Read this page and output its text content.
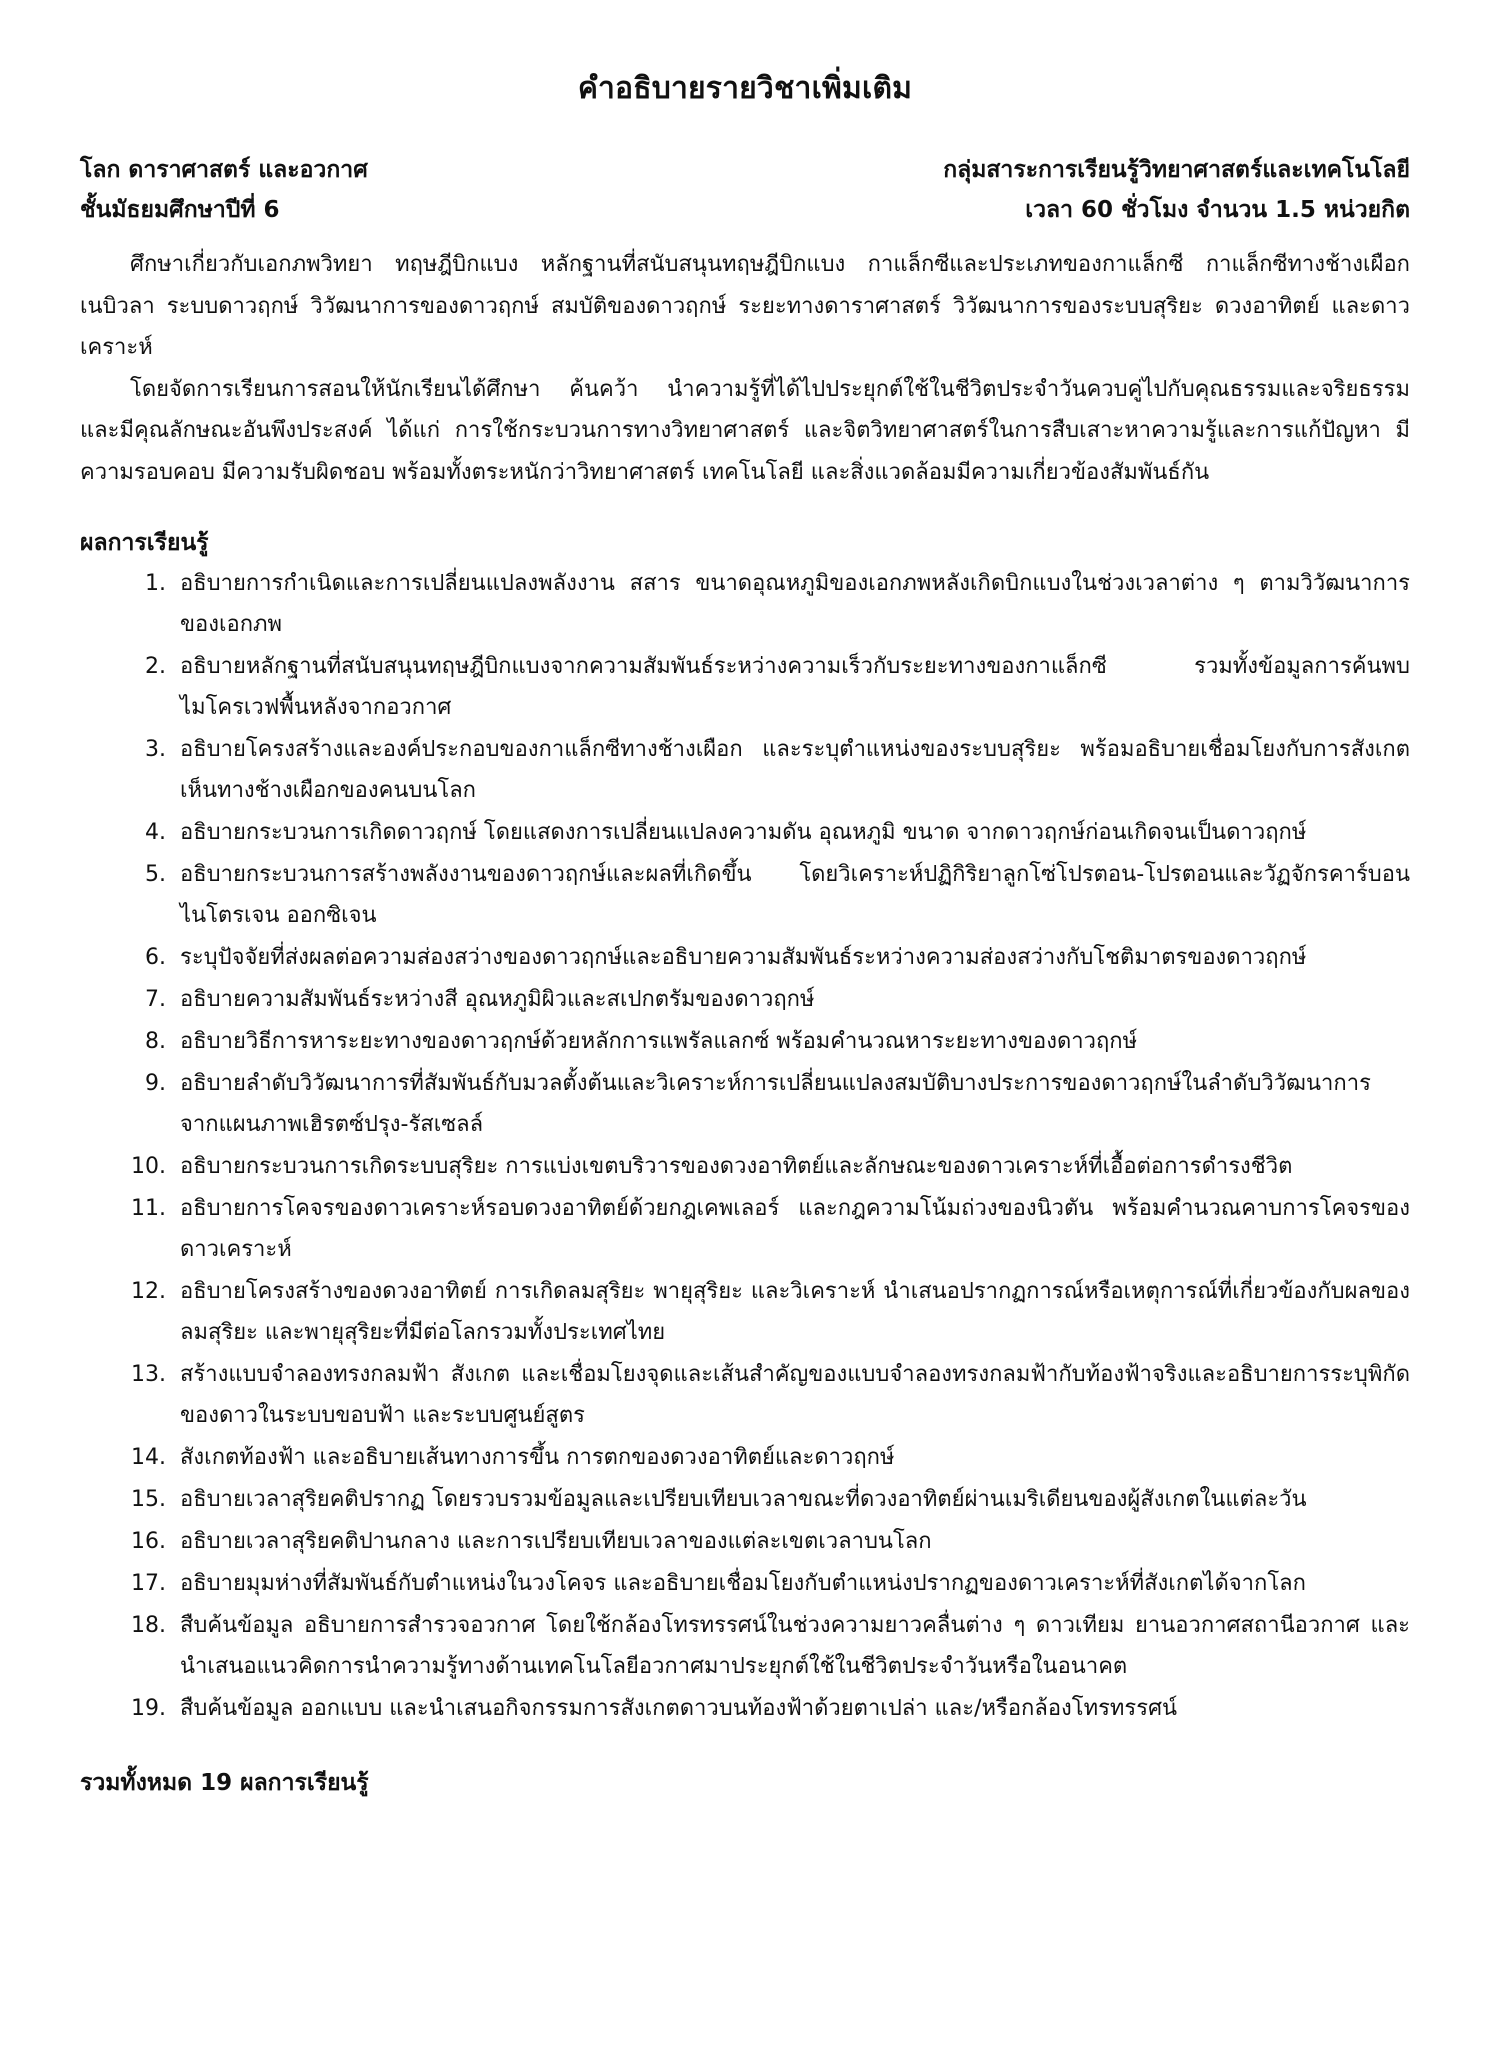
คำอธิบายรายวิชาเพิ่มเติม
โลก ดาราศาสตร์ และอวกาศ	กลุ่มสาระการเรียนรู้วิทยาศาสตร์และเทคโนโลยี
ชั้นมัธยมศึกษาปีที่ 6	เวลา 60 ชั่วโมง จำนวน 1.5 หน่วยกิต

ศึกษาเกี่ยวกับเอกภพวิทยา ทฤษฎีบิกแบง หลักฐานที่สนับสนุนทฤษฎีบิกแบง กาแล็กซีและประเภทของกาแล็กซี กาแล็กซีทางช้างเผือก เนบิวลา ระบบดาวฤกษ์ วิวัฒนาการของดาวฤกษ์ สมบัติของดาวฤกษ์ ระยะทางดาราศาสตร์ วิวัฒนาการของระบบสุริยะ ดวงอาทิตย์ และดาวเคราะห์

โดยจัดการเรียนการสอนให้นักเรียนได้ศึกษา ค้นคว้า นำความรู้ที่ได้ไปประยุกต์ใช้ในชีวิตประจำวันควบคู่ไปกับคุณธรรมและจริยธรรม และมีคุณลักษณะอันพึงประสงค์ ได้แก่ การใช้กระบวนการทางวิทยาศาสตร์ และจิตวิทยาศาสตร์ในการสืบเสาะหาความรู้และการแก้ปัญหา มีความรอบคอบ มีความรับผิดชอบ พร้อมทั้งตระหนักว่าวิทยาศาสตร์ เทคโนโลยี และสิ่งแวดล้อมมีความเกี่ยวข้องสัมพันธ์กัน

ผลการเรียนรู้
1. อธิบายการกำเนิดและการเปลี่ยนแปลงพลังงาน สสาร ขนาดอุณหภูมิของเอกภพหลังเกิดบิกแบงในช่วงเวลาต่าง ๆ ตามวิวัฒนาการของเอกภพ
2. อธิบายหลักฐานที่สนับสนุนทฤษฎีบิกแบงจากความสัมพันธ์ระหว่างความเร็วกับระยะทางของกาแล็กซี รวมทั้งข้อมูลการค้นพบไมโครเวฟพื้นหลังจากอวกาศ
3. อธิบายโครงสร้างและองค์ประกอบของกาแล็กซีทางช้างเผือก และระบุตำแหน่งของระบบสุริยะ พร้อมอธิบายเชื่อมโยงกับการสังเกตเห็นทางช้างเผือกของคนบนโลก
4. อธิบายกระบวนการเกิดดาวฤกษ์ โดยแสดงการเปลี่ยนแปลงความดัน อุณหภูมิ ขนาด จากดาวฤกษ์ก่อนเกิดจนเป็นดาวฤกษ์
5. อธิบายกระบวนการสร้างพลังงานของดาวฤกษ์และผลที่เกิดขึ้น โดยวิเคราะห์ปฏิกิริยาลูกโซ่โปรตอน-โปรตอนและวัฏจักรคาร์บอน ไนโตรเจน ออกซิเจน
6. ระบุปัจจัยที่ส่งผลต่อความส่องสว่างของดาวฤกษ์และอธิบายความสัมพันธ์ระหว่างความส่องสว่างกับโชติมาตรของดาวฤกษ์
7. อธิบายความสัมพันธ์ระหว่างสี อุณหภูมิผิวและสเปกตรัมของดาวฤกษ์
8. อธิบายวิธีการหาระยะทางของดาวฤกษ์ด้วยหลักการแพรัลแลกซ์ พร้อมคำนวณหาระยะทางของดาวฤกษ์
9. อธิบายลำดับวิวัฒนาการที่สัมพันธ์กับมวลตั้งต้นและวิเคราะห์การเปลี่ยนแปลงสมบัติบางประการของดาวฤกษ์ในลำดับวิวัฒนาการ จากแผนภาพเฮิรตซ์ปรุง-รัสเซลล์
10. อธิบายกระบวนการเกิดระบบสุริยะ การแบ่งเขตบริวารของดวงอาทิตย์และลักษณะของดาวเคราะห์ที่เอื้อต่อการดำรงชีวิต
11. อธิบายการโคจรของดาวเคราะห์รอบดวงอาทิตย์ด้วยกฎเคพเลอร์ และกฎความโน้มถ่วงของนิวตัน พร้อมคำนวณคาบการโคจรของดาวเคราะห์
12. อธิบายโครงสร้างของดวงอาทิตย์ การเกิดลมสุริยะ พายุสุริยะ และวิเคราะห์ นำเสนอปรากฏการณ์หรือเหตุการณ์ที่เกี่ยวข้องกับผลของลมสุริยะ และพายุสุริยะที่มีต่อโลกรวมทั้งประเทศไทย
13. สร้างแบบจำลองทรงกลมฟ้า สังเกต และเชื่อมโยงจุดและเส้นสำคัญของแบบจำลองทรงกลมฟ้ากับท้องฟ้าจริงและอธิบายการระบุพิกัดของดาวในระบบขอบฟ้า และระบบศูนย์สูตร
14. สังเกตท้องฟ้า และอธิบายเส้นทางการขึ้น การตกของดวงอาทิตย์และดาวฤกษ์
15. อธิบายเวลาสุริยคติปรากฏ โดยรวบรวมข้อมูลและเปรียบเทียบเวลาขณะที่ดวงอาทิตย์ผ่านเมริเดียนของผู้สังเกตในแต่ละวัน
16. อธิบายเวลาสุริยคติปานกลาง และการเปรียบเทียบเวลาของแต่ละเขตเวลาบนโลก
17. อธิบายมุมห่างที่สัมพันธ์กับตำแหน่งในวงโคจร และอธิบายเชื่อมโยงกับตำแหน่งปรากฏของดาวเคราะห์ที่สังเกตได้จากโลก
18. สืบค้นข้อมูล อธิบายการสำรวจอวกาศ โดยใช้กล้องโทรทรรศน์ในช่วงความยาวคลื่นต่าง ๆ ดาวเทียม ยานอวกาศสถานีอวกาศ และนำเสนอแนวคิดการนำความรู้ทางด้านเทคโนโลยีอวกาศมาประยุกต์ใช้ในชีวิตประจำวันหรือในอนาคต
19. สืบค้นข้อมูล ออกแบบ และนำเสนอกิจกรรมการสังเกตดาวบนท้องฟ้าด้วยตาเปล่า และ/หรือกล้องโทรทรรศน์
รวมทั้งหมด 19 ผลการเรียนรู้
